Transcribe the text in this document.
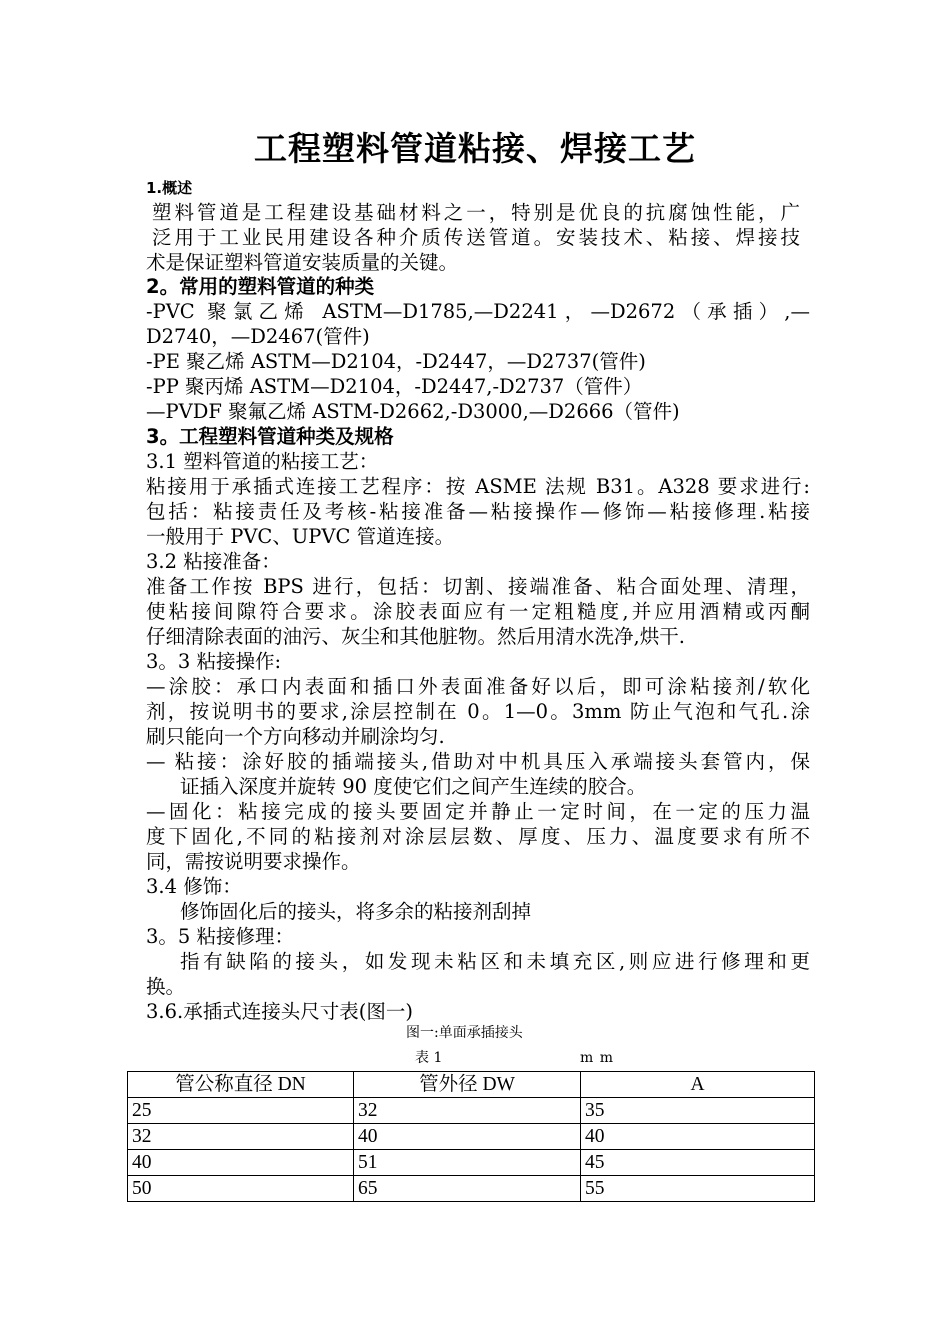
工程塑料管道粘接、焊接工艺
1.概述
塑料管道是工程建设基础材料之一，特别是优良的抗腐蚀性能，广
泛用于工业民用建设各种介质传送管道。安装技术、粘接、焊接技
术是保证塑料管道安装质量的关键。
2。常用的塑料管道的种类
-PVC 聚氯乙烯 ASTM—D1785,—D2241，—D2672（承插）,—
D2740，—D2467(管件)
-PE 聚乙烯 ASTM—D2104，-D2447，—D2737(管件)
-PP 聚丙烯 ASTM—D2104，-D2447,-D2737（管件）
—PVDF 聚氟乙烯 ASTM-D2662,-D3000,—D2666（管件)
3。工程塑料管道种类及规格
3.1 塑料管道的粘接工艺：
粘接用于承插式连接工艺程序：按 ASME 法规 B31。A328 要求进行:
包括：粘接责任及考核-粘接准备—粘接操作—修饰—粘接修理.粘接
一般用于 PVC、UPVC 管道连接。
3.2 粘接准备：
准备工作按 BPS 进行，包括：切割、接端准备、粘合面处理、清理，
使粘接间隙符合要求。涂胶表面应有一定粗糙度,并应用酒精或丙酮
仔细清除表面的油污、灰尘和其他脏物。然后用清水洗净,烘干.
3。3 粘接操作:
—涂胶：承口内表面和插口外表面准备好以后，即可涂粘接剂/软化
剂，按说明书的要求,涂层控制在 0。1—0。3mm 防止气泡和气孔.涂
刷只能向一个方向移动并刷涂均匀.
— 粘接：涂好胶的插端接头,借助对中机具压入承端接头套管内，保
证插入深度并旋转 90 度使它们之间产生连续的胶合。
—固化：粘接完成的接头要固定并静止一定时间，在一定的压力温
度下固化,不同的粘接剂对涂层层数、厚度、压力、温度要求有所不
同，需按说明要求操作。
3.4 修饰：
修饰固化后的接头，将多余的粘接剂刮掉
3。5 粘接修理：
指有缺陷的接头，如发现未粘区和未填充区,则应进行修理和更
换。
3.6.承插式连接头尺寸表(图一)
图一:单面承插接头
表 1	m m
管公称直径 DN	管外径 DW	A
25	32	35
32	40	40
40	51	45
50	65	55
